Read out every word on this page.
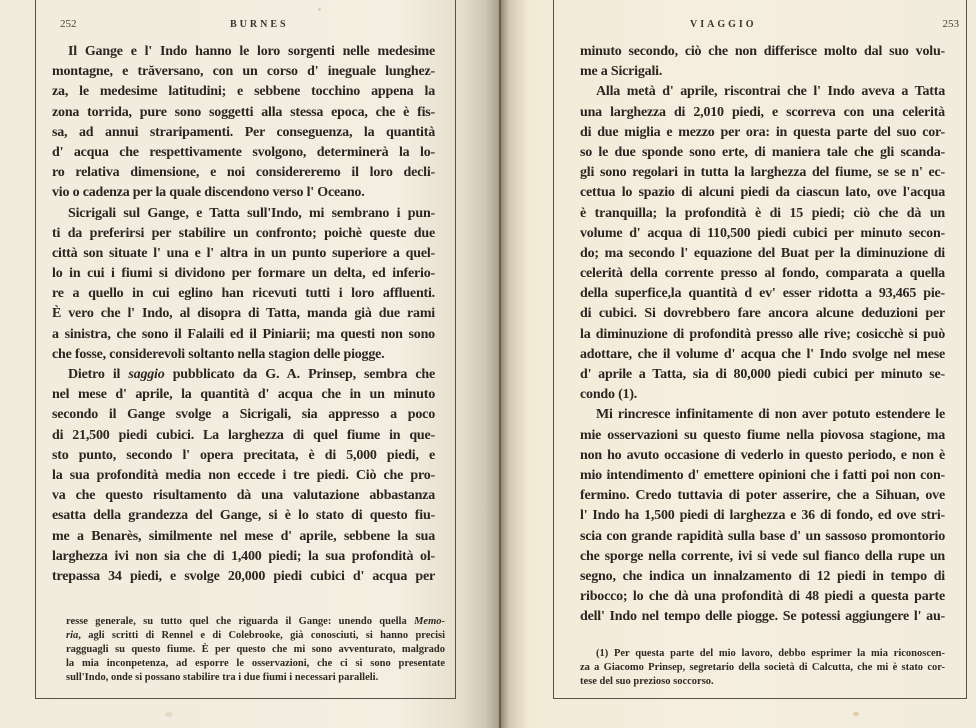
252	BURNES
Il Gange e l' Indo hanno le loro sorgenti nelle medesime
montagne, e trăversano, con un corso d' ineguale lunghez-
za, le medesime latitudini; e sebbene tocchino appena la
zona torrida, pure sono soggetti alla stessa epoca, che è fis-
sa, ad annui straripamenti. Per conseguenza, la quantità
d' acqua che respettivamente svolgono, determinerà la lo-
ro relativa dimensione, e noi considereremo il loro decli-
vio o cadenza per la quale discendono verso l' Oceano.
Sicrigali sul Gange, e Tatta sull'Indo, mi sembrano i pun-
ti da preferirsi per stabilire un confronto; poichè queste due
città son situate l' una e l' altra in un punto superiore a quel-
lo in cui i fiumi si dividono per formare un delta, ed inferio-
re a quello in cui eglino han ricevuti tutti i loro affluenti.
È vero che l' Indo, al disopra di Tatta, manda già due rami
a sinistra, che sono il Falaili ed il Piniarii; ma questi non sono
che fosse, considerevoli soltanto nella stagion delle piogge.
Dietro il saggio pubblicato da G. A. Prinsep, sembra che
nel mese d' aprile, la quantità d' acqua che in un minuto
secondo il Gange svolge a Sicrigali, sia appresso a poco
di 21,500 piedi cubici. La larghezza di quel fiume in que-
sto punto, secondo l' opera precitata, è di 5,000 piedi, e
la sua profondità media non eccede i tre piedi. Ciò che pro-
va che questo risultamento dà una valutazione abbastanza
esatta della grandezza del Gange, si è lo stato di questo fiu-
me a Benarès, similmente nel mese d' aprile, sebbene la sua
larghezza ivi non sia che di 1,400 piedi; la sua profondità ol-
trepassa 34 piedi, e svolge 20,000 piedi cubici d' acqua per
resse generale, su tutto quel che riguarda il Gange: unendo quella Memo-
ria, agli scritti di Rennel e di Colebrooke, già conosciuti, si hanno precisi
ragguagli su questo fiume. È per questo che mi sono avventurato, malgrado
la mia inconpetenza, ad esporre le osservazioni, che ci si sono presentate
sull'Indo, onde si possano stabilire tra i due fiumi i necessari paralleli.
VIAGGIO	253
minuto secondo, ciò che non differisce molto dal suo volu-
me a Sicrigali.
Alla metà d' aprile, riscontrai che l' Indo aveva a Tatta
una larghezza di 2,010 piedi, e scorreva con una celerità
di due miglia e mezzo per ora: in questa parte del suo cor-
so le due sponde sono erte, di maniera tale che gli scanda-
gli sono regolari in tutta la larghezza del fiume, se se n' ec-
cettua lo spazio di alcuni piedi da ciascun lato, ove l'acqua
è tranquilla; la profondità è di 15 piedi; ciò che dà un
volume d' acqua di 110,500 piedi cubici per minuto secon-
do; ma secondo l' equazione del Buat per la diminuzione di
celerità della corrente presso al fondo, comparata a quella
della superfice,la quantità d ev' esser ridotta a 93,465 pie-
di cubici. Si dovrebbero fare ancora alcune deduzioni per
la diminuzione di profondità presso alle rive; cosicchè si può
adottare, che il volume d' acqua che l' Indo svolge nel mese
d' aprile a Tatta, sia di 80,000 piedi cubici per minuto se-
condo (1).
Mi rincresce infinitamente di non aver potuto estendere le
mie osservazioni su questo fiume nella piovosa stagione, ma
non ho avuto occasione di vederlo in questo periodo, e non è
mio intendimento d' emettere opinioni che i fatti poi non con-
fermino. Credo tuttavia di poter asserire, che a Sihuan, ove
l' Indo ha 1,500 piedi di larghezza e 36 di fondo, ed ove stri-
scia con grande rapidità sulla base d' un sassoso promontorio
che sporge nella corrente, ivi si vede sul fianco della rupe un
segno, che indica un innalzamento di 12 piedi in tempo di
ribocco; lo che dà una profondità di 48 piedi a questa parte
dell' Indo nel tempo delle piogge. Se potessi aggiungere l' au-
(1) Per questa parte del mio lavoro, debbo esprimer la mia riconoscen-
za a Giacomo Prinsep, segretario della società di Calcutta, che mi è stato cor-
tese del suo prezioso soccorso.
